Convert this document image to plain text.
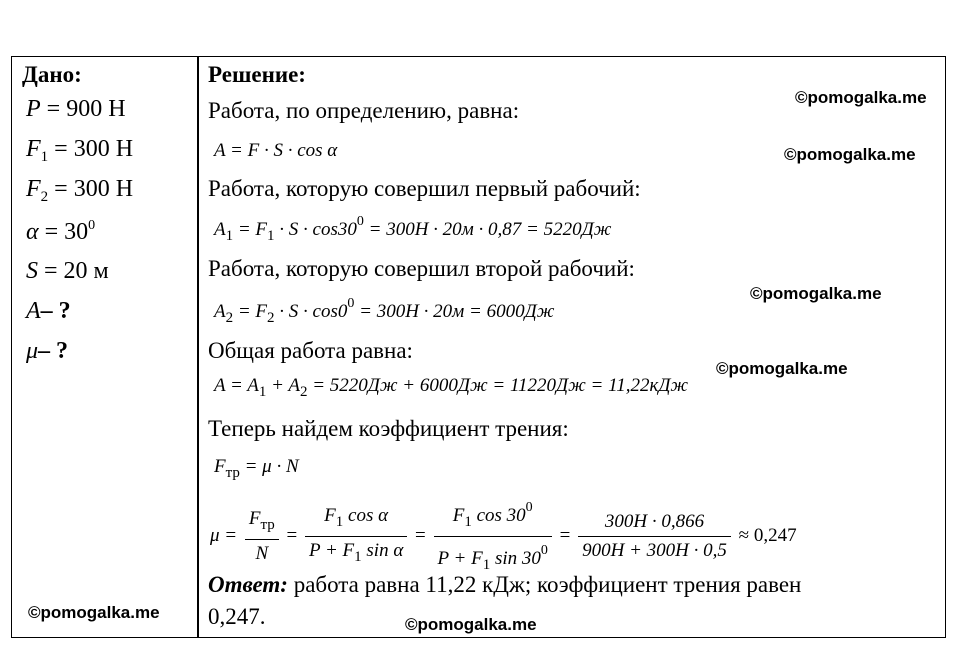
Дано:
P = 900 Н
$F_1 = 300$ Н
$F_2 = 300$ Н
$\alpha = 30^0$
S = 20 м
A– ?
μ– ?
Решение:
Работа, по определению, равна:
A = F · S · cos α
Работа, которую совершил первый рабочий:
$A_1 = F_1 \cdot S \cdot \cos 30^0 = 300H \cdot 20м \cdot 0,87 = 5220Дж$
Работа, которую совершил второй рабочий:
$A_2 = F_2 \cdot S \cdot \cos 0^0 = 300H \cdot 20м = 6000Дж$
Общая работа равна:
$A = A_1 + A_2 = 5220Дж + 6000Дж = 11220Дж = 11,22кДж$
Теперь найдем коэффициент трения:
$F_{тр} = \mu \cdot N$
$\mu = \frac{F_{тр}}{N} = \frac{F_1 \cos \alpha}{P + F_1 \sin \alpha} = \frac{F_1 \cos 30^0}{P + F_1 \sin 30^0} = \frac{300H \cdot 0,866}{900H + 300H \cdot 0,5} \approx 0,247$
Ответ: работа равна 11,22 кДж; коэффициент трения равен
0,247.
©pomogalka.me
©pomogalka.me
©pomogalka.me
©pomogalka.me
©pomogalka.me
©pomogalka.me
